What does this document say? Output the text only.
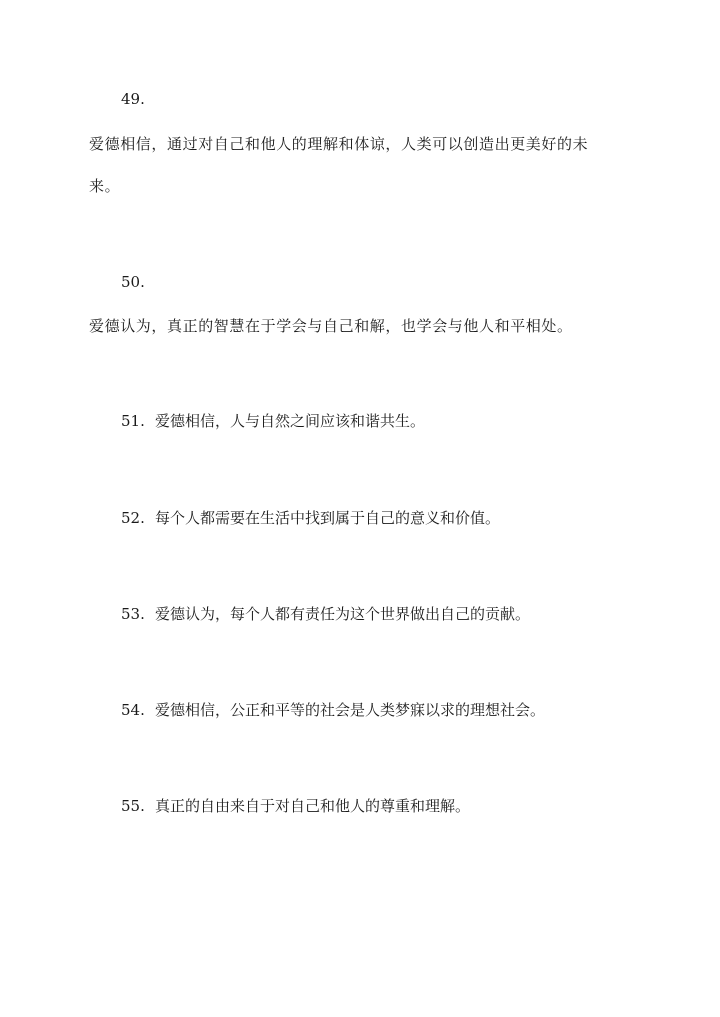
49.
爱德相信，通过对自己和他人的理解和体谅，人类可以创造出更美好的未
来。
50.
爱德认为，真正的智慧在于学会与自己和解，也学会与他人和平相处。
51. 爱德相信，人与自然之间应该和谐共生。
52. 每个人都需要在生活中找到属于自己的意义和价值。
53. 爱德认为，每个人都有责任为这个世界做出自己的贡献。
54. 爱德相信，公正和平等的社会是人类梦寐以求的理想社会。
55. 真正的自由来自于对自己和他人的尊重和理解。
